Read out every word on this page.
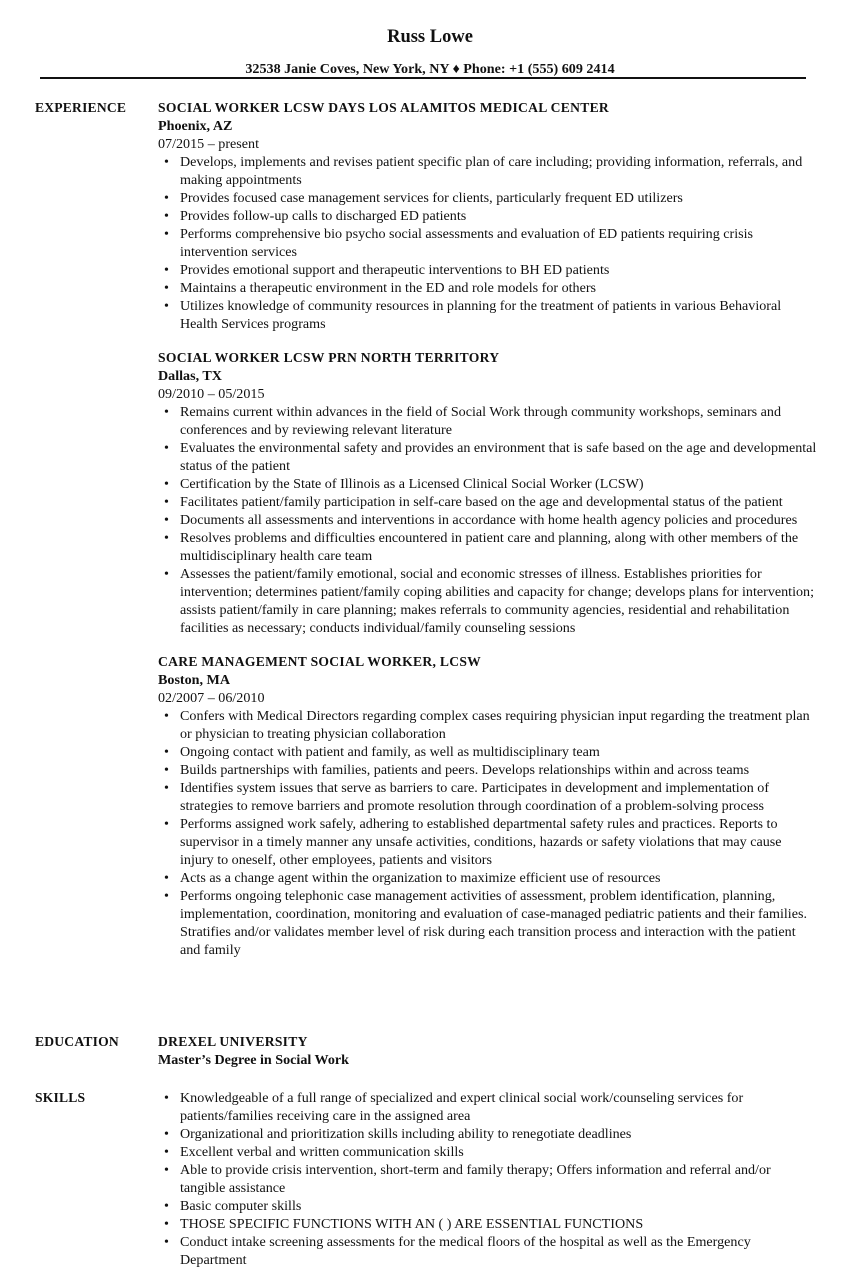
Russ Lowe
32538 Janie Coves, New York, NY ♦ Phone: +1 (555) 609 2414
EXPERIENCE SOCIAL WORKER LCSW DAYS LOS ALAMITOS MEDICAL CENTER
Phoenix, AZ
07/2015 – present
• Develops, implements and revises patient specific plan of care including; providing information, referrals, and making appointments
• Provides focused case management services for clients, particularly frequent ED utilizers
• Provides follow-up calls to discharged ED patients
• Performs comprehensive bio psycho social assessments and evaluation of ED patients requiring crisis intervention services
• Provides emotional support and therapeutic interventions to BH ED patients
• Maintains a therapeutic environment in the ED and role models for others
• Utilizes knowledge of community resources in planning for the treatment of patients in various Behavioral Health Services programs
SOCIAL WORKER LCSW PRN NORTH TERRITORY
Dallas, TX
09/2010 – 05/2015
• Remains current within advances in the field of Social Work through community workshops, seminars and conferences and by reviewing relevant literature
• Evaluates the environmental safety and provides an environment that is safe based on the age and developmental status of the patient
• Certification by the State of Illinois as a Licensed Clinical Social Worker (LCSW)
• Facilitates patient/family participation in self-care based on the age and developmental status of the patient
• Documents all assessments and interventions in accordance with home health agency policies and procedures
• Resolves problems and difficulties encountered in patient care and planning, along with other members of the multidisciplinary health care team
• Assesses the patient/family emotional, social and economic stresses of illness. Establishes priorities for intervention; determines patient/family coping abilities and capacity for change; develops plans for intervention; assists patient/family in care planning; makes referrals to community agencies, residential and rehabilitation facilities as necessary; conducts individual/family counseling sessions
CARE MANAGEMENT SOCIAL WORKER, LCSW
Boston, MA
02/2007 – 06/2010
• Confers with Medical Directors regarding complex cases requiring physician input regarding the treatment plan or physician to treating physician collaboration
• Ongoing contact with patient and family, as well as multidisciplinary team
• Builds partnerships with families, patients and peers. Develops relationships within and across teams
• Identifies system issues that serve as barriers to care. Participates in development and implementation of strategies to remove barriers and promote resolution through coordination of a problem-solving process
• Performs assigned work safely, adhering to established departmental safety rules and practices. Reports to supervisor in a timely manner any unsafe activities, conditions, hazards or safety violations that may cause injury to oneself, other employees, patients and visitors
• Acts as a change agent within the organization to maximize efficient use of resources
• Performs ongoing telephonic case management activities of assessment, problem identification, planning, implementation, coordination, monitoring and evaluation of case-managed pediatric patients and their families. Stratifies and/or validates member level of risk during each transition process and interaction with the patient and family
EDUCATION	DREXEL UNIVERSITY
Master’s Degree in Social Work
SKILLS
•	Knowledgeable of a full range of specialized and expert clinical social work/counseling services for patients/families receiving care in the assigned area
• Organizational and prioritization skills including ability to renegotiate deadlines
• Excellent verbal and written communication skills
• Able to provide crisis intervention, short-term and family therapy; Offers information and referral and/or tangible assistance
• Basic computer skills
• THOSE SPECIFIC FUNCTIONS WITH AN ( ) ARE ESSENTIAL FUNCTIONS
• Conduct intake screening assessments for the medical floors of the hospital as well as the Emergency Department
